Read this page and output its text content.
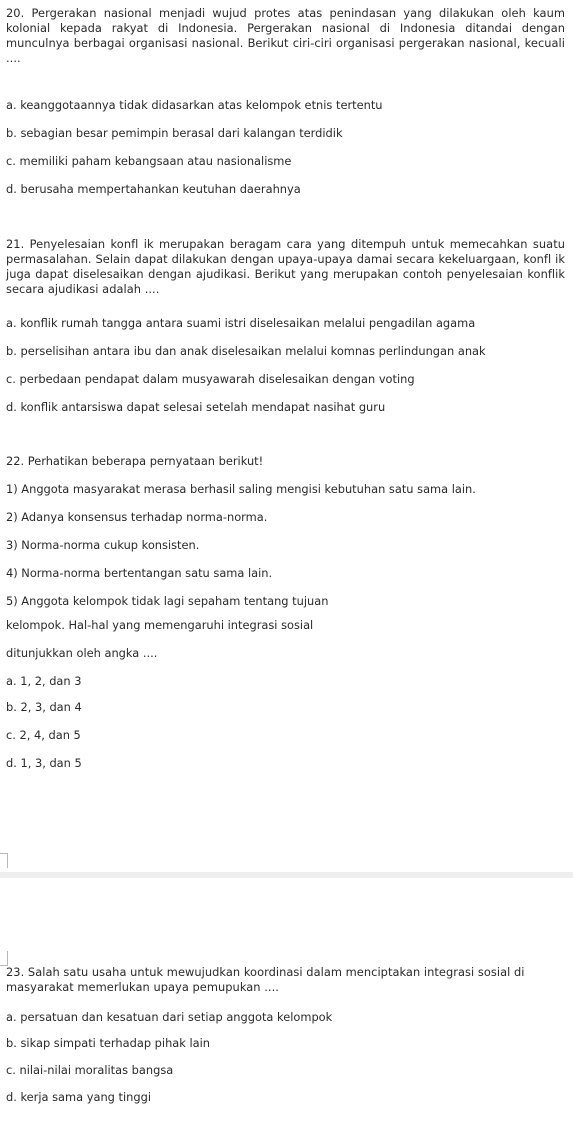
20. Pergerakan nasional menjadi wujud protes atas penindasan yang dilakukan oleh kaum kolonial kepada rakyat di Indonesia. Pergerakan nasional di Indonesia ditandai dengan munculnya berbagai organisasi nasional. Berikut ciri-ciri organisasi pergerakan nasional, kecuali ....
a. keanggotaannya tidak didasarkan atas kelompok etnis tertentu
b. sebagian besar pemimpin berasal dari kalangan terdidik
c. memiliki paham kebangsaan atau nasionalisme
d. berusaha mempertahankan keutuhan daerahnya
21. Penyelesaian konfl ik merupakan beragam cara yang ditempuh untuk memecahkan suatu permasalahan. Selain dapat dilakukan dengan upaya-upaya damai secara kekeluargaan, konfl ik juga dapat diselesaikan dengan ajudikasi. Berikut yang merupakan contoh penyelesaian konflik secara ajudikasi adalah ....
a. konflik rumah tangga antara suami istri diselesaikan melalui pengadilan agama
b. perselisihan antara ibu dan anak diselesaikan melalui komnas perlindungan anak
c. perbedaan pendapat dalam musyawarah diselesaikan dengan voting
d. konflik antarsiswa dapat selesai setelah mendapat nasihat guru
22. Perhatikan beberapa pernyataan berikut!
1) Anggota masyarakat merasa berhasil saling mengisi kebutuhan satu sama lain.
2) Adanya konsensus terhadap norma-norma.
3) Norma-norma cukup konsisten.
4) Norma-norma bertentangan satu sama lain.
5) Anggota kelompok tidak lagi sepaham tentang tujuan
kelompok. Hal-hal yang memengaruhi integrasi sosial
ditunjukkan oleh angka ....
a. 1, 2, dan 3
b. 2, 3, dan 4
c. 2, 4, dan 5
d. 1, 3, dan 5
23. Salah satu usaha untuk mewujudkan koordinasi dalam menciptakan integrasi sosial di masyarakat memerlukan upaya pemupukan ....
a. persatuan dan kesatuan dari setiap anggota kelompok
b. sikap simpati terhadap pihak lain
c. nilai-nilai moralitas bangsa
d. kerja sama yang tinggi
